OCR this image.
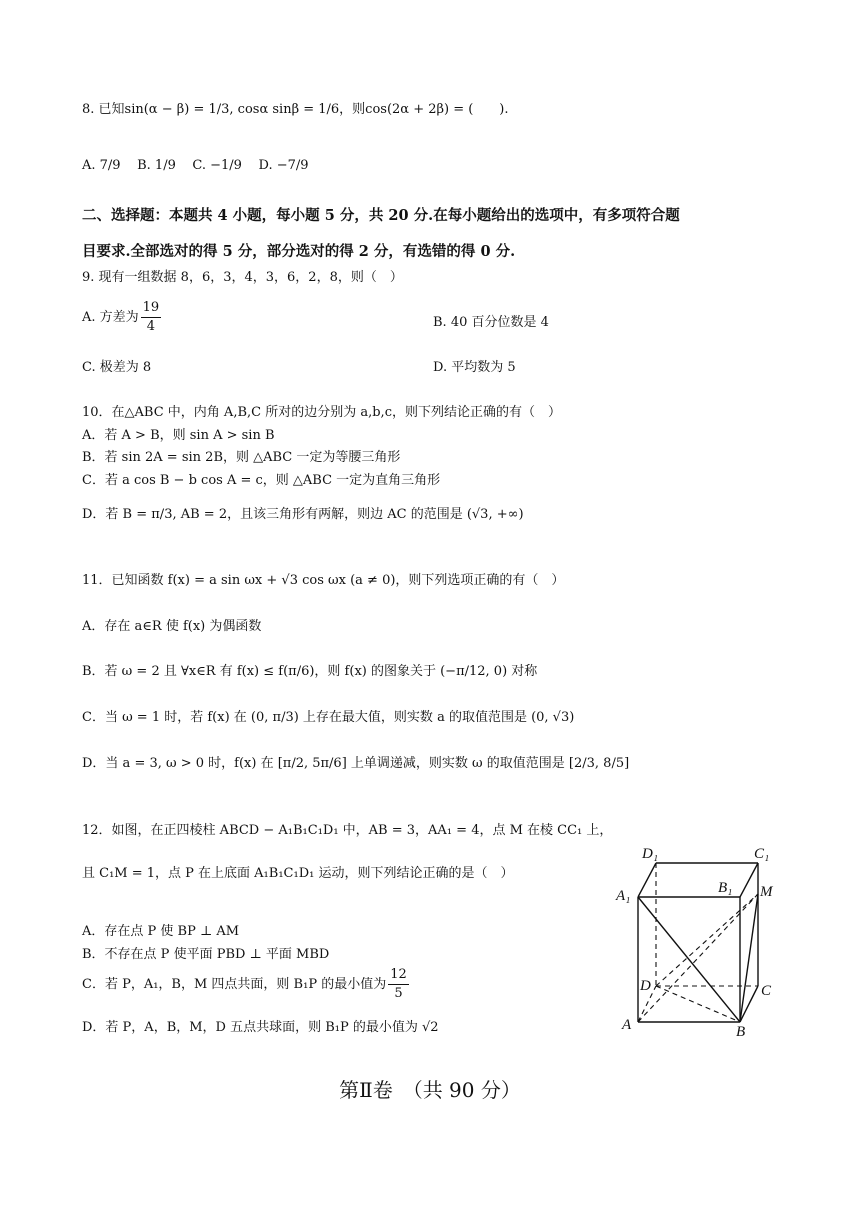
8. 已知sin(α − β) = 1/3, cosα sinβ = 1/6，则cos(2α + 2β) = (　　).
A. 7/9 B. 1/9 C. −1/9 D. −7/9
二、选择题：本题共 4 小题，每小题 5 分，共 20 分.在每小题给出的选项中，有多项符合题
目要求.全部选对的得 5 分，部分选对的得 2 分，有选错的得 0 分.
9. 现有一组数据 8，6，3，4，3，6，2，8，则（　）
A. 方差为 $\frac{19}{4}$	B. 40 百分位数是 4
C. 极差为 8	D. 平均数为 5
10．在△ABC 中，内角 A,B,C 所对的边分别为 a,b,c，则下列结论正确的有（　）
A．若 A > B，则 sin A > sin B
B．若 sin 2A = sin 2B，则 △ABC 一定为等腰三角形
C．若 a cos B − b cos A = c，则 △ABC 一定为直角三角形
D．若 B = π/3, AB = 2，且该三角形有两解，则边 AC 的范围是 (√3, +∞)
11．已知函数 f(x) = a sin ωx + √3 cos ωx (a ≠ 0)，则下列选项正确的有（　）
A．存在 a∈R 使 f(x) 为偶函数
B．若 ω = 2 且 ∀x∈R 有 f(x) ≤ f(π/6)，则 f(x) 的图象关于 (−π/12, 0) 对称
C．当 ω = 1 时，若 f(x) 在 (0, π/3) 上存在最大值，则实数 a 的取值范围是 (0, √3)
D．当 a = 3, ω > 0 时，f(x) 在 [π/2, 5π/6] 上单调递减，则实数 ω 的取值范围是 [2/3, 8/5]
12．如图，在正四棱柱 ABCD − A₁B₁C₁D₁ 中，AB = 3，AA₁ = 4，点 M 在棱 CC₁ 上，
且 C₁M = 1，点 P 在上底面 A₁B₁C₁D₁ 运动，则下列结论正确的是（　）
A．存在点 P 使 BP ⊥ AM
B．不存在点 P 使平面 PBD ⊥ 平面 MBD
C．若 P，A₁，B，M 四点共面，则 B₁P 的最小值为 $\frac{12}{5}$
D．若 P，A，B，M，D 五点共球面，则 B₁P 的最小值为 √2
D₁	C₁
A₁	B₁ M
D	C
A	B
第Ⅱ卷　（共 90 分）
